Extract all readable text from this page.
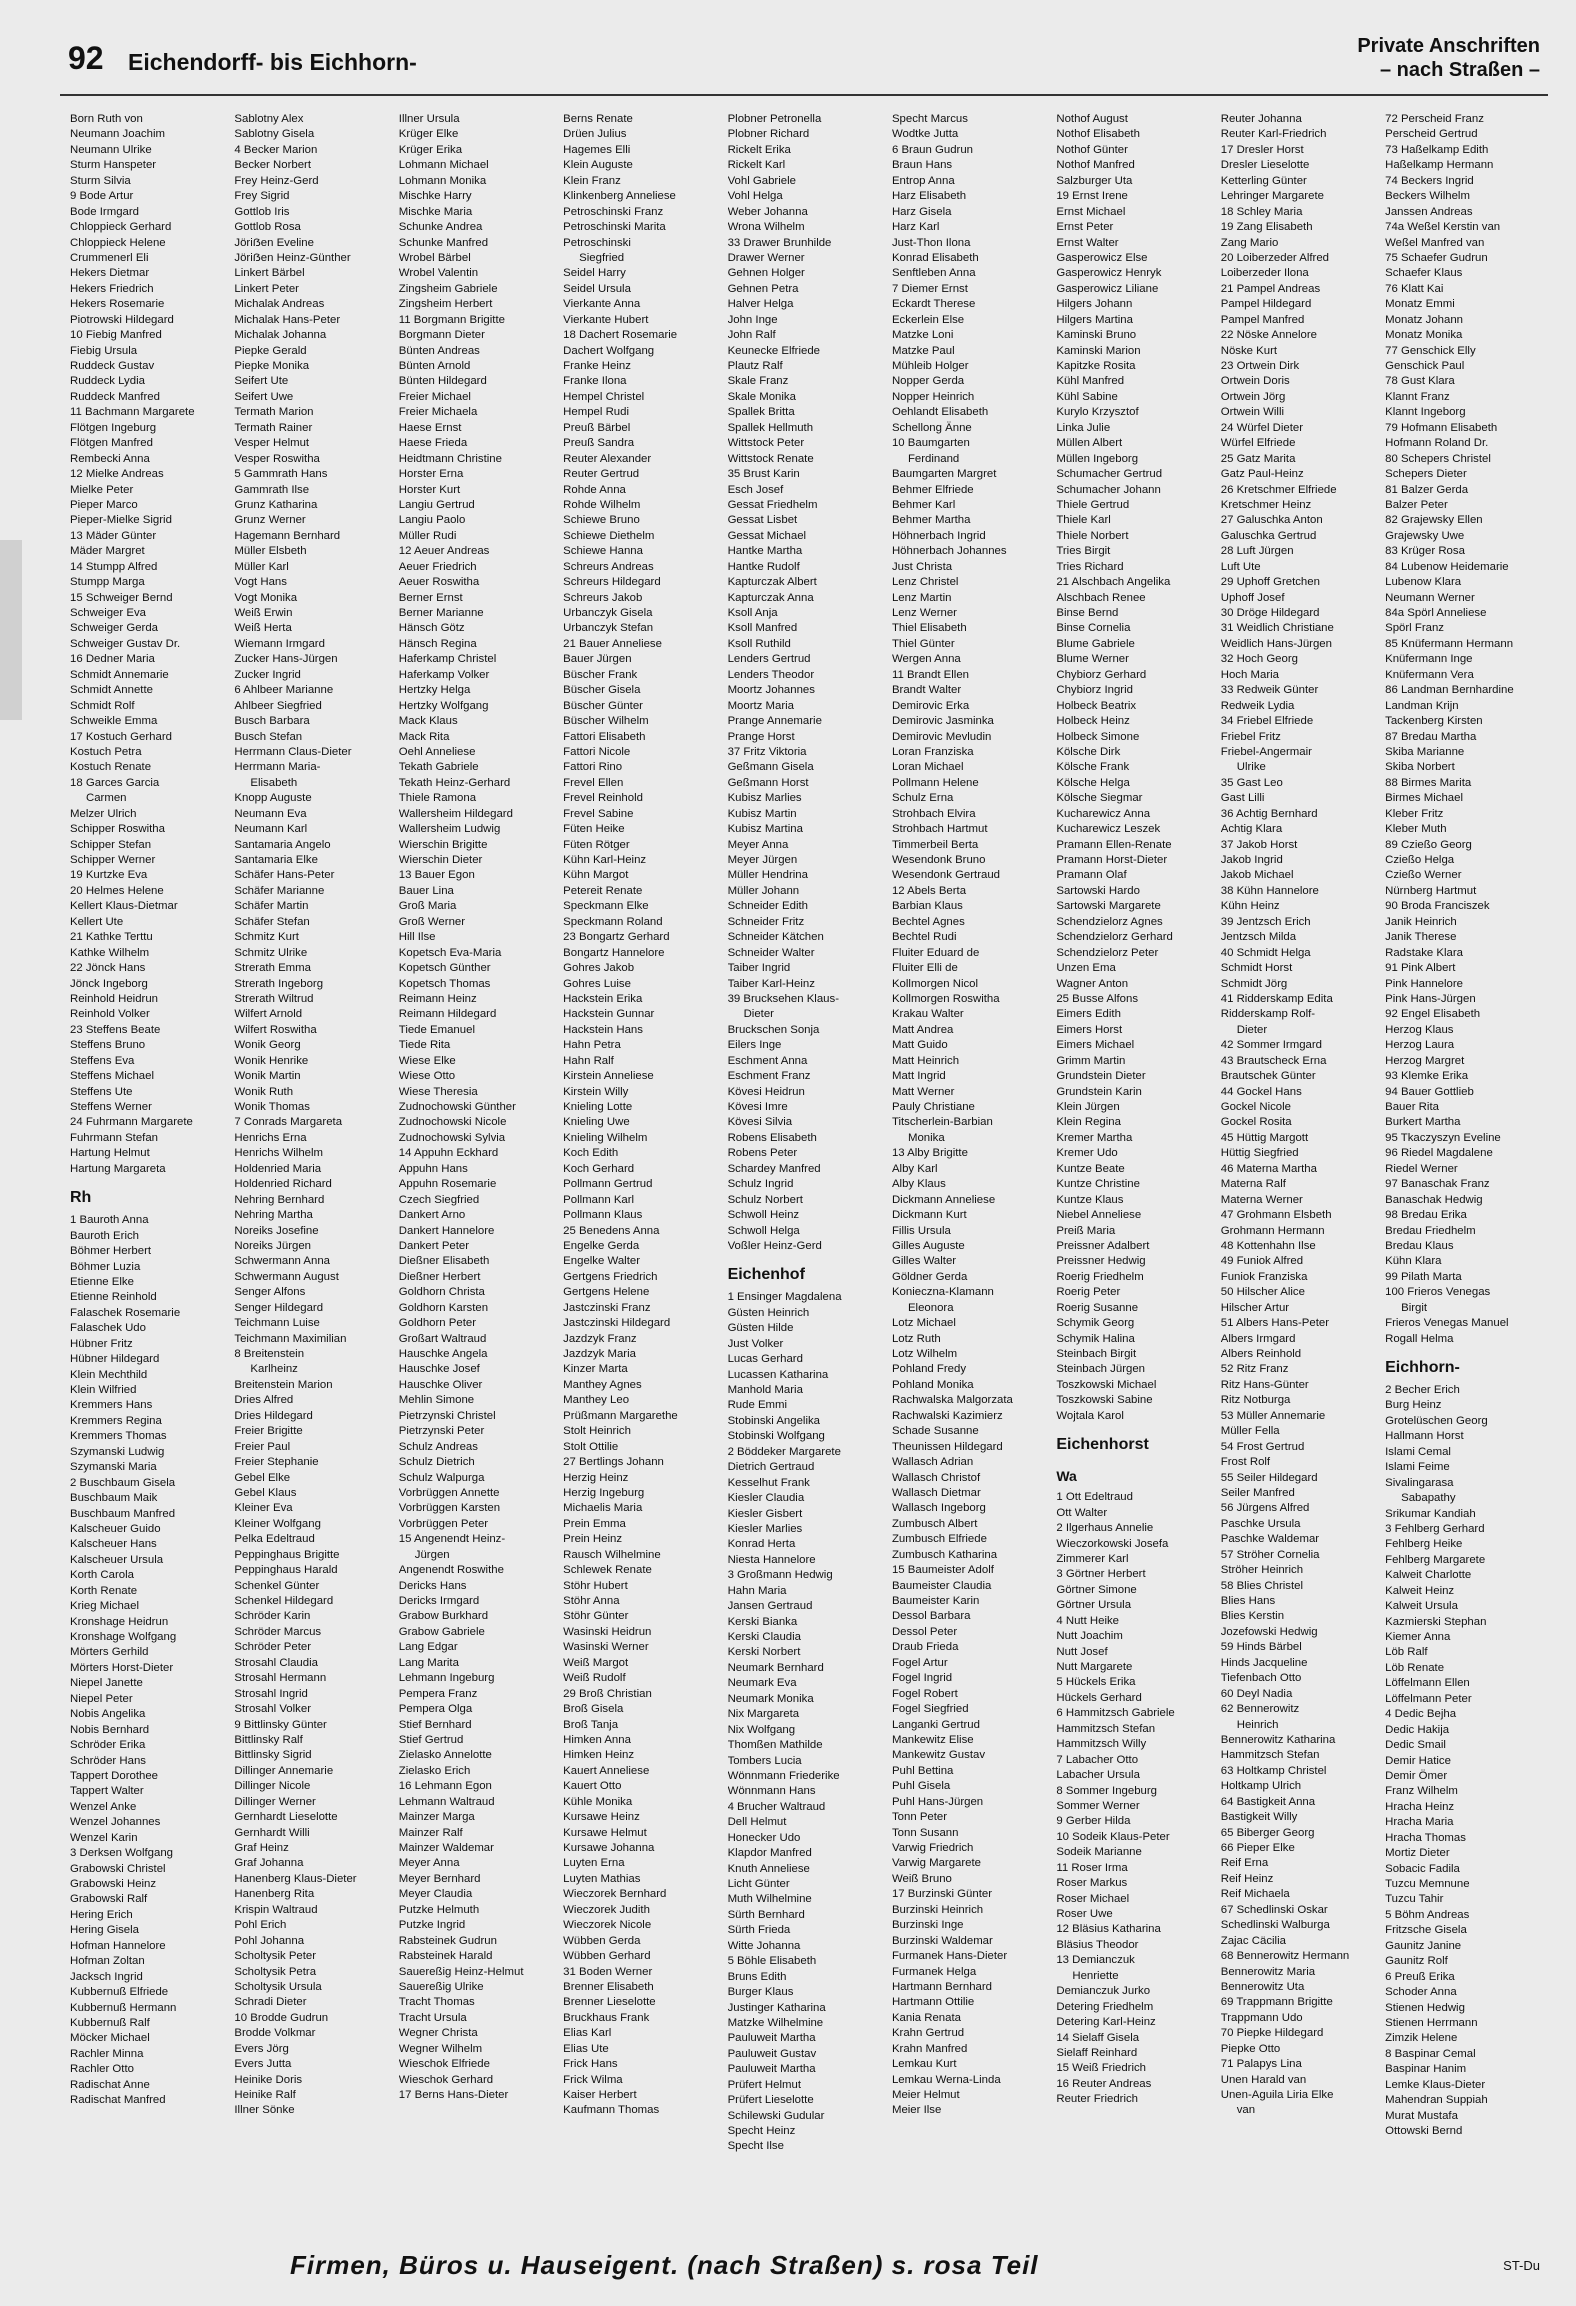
92 Eichendorff- bis Eichhorn-
Private Anschriften
– nach Straßen –
Born Ruth von
Neumann Joachim
Neumann Ulrike
Sturm Hanspeter
Sturm Silvia
9 Bode Artur
Bode Irmgard
Chloppieck Gerhard
Chloppieck Helene
Crummenerl Eli
Hekers Dietmar
Hekers Friedrich
Hekers Rosemarie
Piotrowski Hildegard
10 Fiebig Manfred
Fiebig Ursula
Ruddeck Gustav
Ruddeck Lydia
Ruddeck Manfred
11 Bachmann Margarete
Flötgen Ingeburg
Flötgen Manfred
Rembecki Anna
12 Mielke Andreas
Mielke Peter
Pieper Marco
Pieper-Mielke Sigrid
13 Mäder Günter
Mäder Margret
14 Stumpp Alfred
Stumpp Marga
15 Schweiger Bernd
Schweiger Eva
Schweiger Gerda
Schweiger Gustav Dr.
16 Dedner Maria
Schmidt Annemarie
Schmidt Annette
Schmidt Rolf
Schweikle Emma
17 Kostuch Gerhard
Kostuch Petra
Kostuch Renate
18 Garces Garcia
Carmen
Melzer Ulrich
Schipper Roswitha
Schipper Stefan
Schipper Werner
19 Kurtzke Eva
20 Helmes Helene
Kellert Klaus-Dietmar
Kellert Ute
21 Kathke Terttu
Kathke Wilhelm
22 Jönck Hans
Jönck Ingeborg
Reinhold Heidrun
Reinhold Volker
23 Steffens Beate
Steffens Bruno
Steffens Eva
Steffens Michael
Steffens Ute
Steffens Werner
24 Fuhrmann Margarete
Fuhrmann Stefan
Hartung Helmut
Hartung Margareta
Rh
1 Bauroth Anna
Bauroth Erich
Böhmer Herbert
Böhmer Luzia
Etienne Elke
Etienne Reinhold
Falaschek Rosemarie
Falaschek Udo
Hübner Fritz
Hübner Hildegard
Klein Mechthild
Klein Wilfried
Kremmers Hans
Kremmers Regina
Kremmers Thomas
Szymanski Ludwig
Szymanski Maria
2 Buschbaum Gisela
Buschbaum Maik
Buschbaum Manfred
Kalscheuer Guido
Kalscheuer Hans
Kalscheuer Ursula
Korth Carola
Korth Renate
Krieg Michael
Kronshage Heidrun
Kronshage Wolfgang
Mörters Gerhild
Mörters Horst-Dieter
Niepel Janette
Niepel Peter
Nobis Angelika
Nobis Bernhard
Schröder Erika
Schröder Hans
Tappert Dorothee
Tappert Walter
Wenzel Anke
Wenzel Johannes
Wenzel Karin
3 Derksen Wolfgang
Grabowski Christel
Grabowski Heinz
Grabowski Ralf
Hering Erich
Hering Gisela
Hofman Hannelore
Hofman Zoltan
Jacksch Ingrid
Kubbernuß Elfriede
Kubbernuß Hermann
Kubbernuß Ralf
Möcker Michael
Rachler Minna
Rachler Otto
Radischat Anne
Radischat Manfred
Sablotny Alex
Sablotny Gisela
4 Becker Marion
Becker Norbert
Frey Heinz-Gerd
Frey Sigrid
Gottlob Iris
Gottlob Rosa
Jöriẞen Eveline
Jöriẞen Heinz-Günther
Linkert Bärbel
Linkert Peter
Michalak Andreas
Michalak Hans-Peter
Michalak Johanna
Piepke Gerald
Piepke Monika
Seifert Ute
Seifert Uwe
Termath Marion
Termath Rainer
Vesper Helmut
Vesper Roswitha
5 Gammrath Hans
Gammrath Ilse
Grunz Katharina
Grunz Werner
Hagemann Bernhard
Müller Elsbeth
Müller Karl
Vogt Hans
Vogt Monika
Weiß Erwin
Weiß Herta
Wiemann Irmgard
Zucker Hans-Jürgen
Zucker Ingrid
6 Ahlbeer Marianne
Ahlbeer Siegfried
Busch Barbara
Busch Stefan
Herrmann Claus-Dieter
Herrmann Maria-
Elisabeth
Knopp Auguste
Neumann Eva
Neumann Karl
Santamaria Angelo
Santamaria Elke
Schäfer Hans-Peter
Schäfer Marianne
Schäfer Martin
Schäfer Stefan
Schmitz Kurt
Schmitz Ulrike
Strerath Emma
Strerath Ingeborg
Strerath Wiltrud
Wilfert Arnold
Wilfert Roswitha
Wonik Georg
Wonik Henrike
Wonik Martin
Wonik Ruth
Wonik Thomas
7 Conrads Margareta
Henrichs Erna
Henrichs Wilhelm
Holdenried Maria
Holdenried Richard
Nehring Bernhard
Nehring Martha
Noreiks Josefine
Noreiks Jürgen
Schwermann Anna
Schwermann August
Senger Alfons
Senger Hildegard
Teichmann Luise
Teichmann Maximilian
8 Breitenstein
Karlheinz
Breitenstein Marion
Dries Alfred
Dries Hildegard
Freier Brigitte
Freier Paul
Freier Stephanie
Gebel Elke
Gebel Klaus
Kleiner Eva
Kleiner Wolfgang
Pelka Edeltraud
Peppinghaus Brigitte
Peppinghaus Harald
Schenkel Günter
Schenkel Hildegard
Schröder Karin
Schröder Marcus
Schröder Peter
Strosahl Claudia
Strosahl Hermann
Strosahl Ingrid
Strosahl Volker
9 Bittlinsky Günter
Bittlinsky Ralf
Bittlinsky Sigrid
Dillinger Annemarie
Dillinger Nicole
Dillinger Werner
Gernhardt Lieselotte
Gernhardt Willi
Graf Heinz
Graf Johanna
Hanenberg Klaus-Dieter
Hanenberg Rita
Krispin Waltraud
Pohl Erich
Pohl Johanna
Scholtysik Peter
Scholtysik Petra
Scholtysik Ursula
Schradi Dieter
10 Brodde Gudrun
Brodde Volkmar
Evers Jörg
Evers Jutta
Heinike Doris
Heinike Ralf
Illner Sönke
Illner Ursula
Krüger Elke
Krüger Erika
Lohmann Michael
Lohmann Monika
Mischke Harry
Mischke Maria
Schunke Andrea
Schunke Manfred
Wrobel Bärbel
Wrobel Valentin
Zingsheim Gabriele
Zingsheim Herbert
11 Borgmann Brigitte
Borgmann Dieter
Bünten Andreas
Bünten Arnold
Bünten Hildegard
Freier Michael
Freier Michaela
Haese Ernst
Haese Frieda
Heidtmann Christine
Horster Erna
Horster Kurt
Langiu Gertrud
Langiu Paolo
Müller Rudi
12 Aeuer Andreas
Aeuer Friedrich
Aeuer Roswitha
Berner Ernst
Berner Marianne
Hänsch Götz
Hänsch Regina
Haferkamp Christel
Haferkamp Volker
Hertzky Helga
Hertzky Wolfgang
Mack Klaus
Mack Rita
Oehl Anneliese
Tekath Gabriele
Tekath Heinz-Gerhard
Thiele Ramona
Wallersheim Hildegard
Wallersheim Ludwig
Wierschin Brigitte
Wierschin Dieter
13 Bauer Egon
Bauer Lina
Groß Maria
Groß Werner
Hill Ilse
Kopetsch Eva-Maria
Kopetsch Günther
Kopetsch Thomas
Reimann Heinz
Reimann Hildegard
Tiede Emanuel
Tiede Rita
Wiese Elke
Wiese Otto
Wiese Theresia
Zudnochowski Günther
Zudnochowski Nicole
Zudnochowski Sylvia
14 Appuhn Eckhard
Appuhn Hans
Appuhn Rosemarie
Czech Siegfried
Dankert Arno
Dankert Hannelore
Dankert Peter
Dießner Elisabeth
Dießner Herbert
Goldhorn Christa
Goldhorn Karsten
Goldhorn Peter
Großart Waltraud
Hauschke Angela
Hauschke Josef
Hauschke Oliver
Mehlin Simone
Pietrzynski Christel
Pietrzynski Peter
Schulz Andreas
Schulz Dietrich
Schulz Walpurga
Vorbrüggen Annette
Vorbrüggen Karsten
Vorbrüggen Peter
15 Angenendt Heinz-
Jürgen
Angenendt Roswithe
Dericks Hans
Dericks Irmgard
Grabow Burkhard
Grabow Gabriele
Lang Edgar
Lang Marita
Lehmann Ingeburg
Pempera Franz
Pempera Olga
Stief Bernhard
Stief Gertrud
Zielasko Annelotte
Zielasko Erich
16 Lehmann Egon
Lehmann Waltraud
Mainzer Marga
Mainzer Ralf
Mainzer Waldemar
Meyer Anna
Meyer Bernhard
Meyer Claudia
Putzke Helmuth
Putzke Ingrid
Rabsteinek Gudrun
Rabsteinek Harald
Sauereßig Heinz-Helmut
Sauereßig Ulrike
Tracht Thomas
Tracht Ursula
Wegner Christa
Wegner Wilhelm
Wieschok Elfriede
Wieschok Gerhard
17 Berns Hans-Dieter
Berns Renate
Drüen Julius
Hagemes Elli
Klein Auguste
Klein Franz
Klinkenberg Anneliese
Petroschinski Franz
Petroschinski Marita
Petroschinski
Siegfried
Seidel Harry
Seidel Ursula
Vierkante Anna
Vierkante Hubert
18 Dachert Rosemarie
Dachert Wolfgang
Franke Heinz
Franke Ilona
Hempel Christel
Hempel Rudi
Preuß Bärbel
Preuß Sandra
Reuter Alexander
Reuter Gertrud
Rohde Anna
Rohde Wilhelm
Schiewe Bruno
Schiewe Diethelm
Schiewe Hanna
Schreurs Andreas
Schreurs Hildegard
Schreurs Jakob
Urbanczyk Gisela
Urbanczyk Stefan
21 Bauer Anneliese
Bauer Jürgen
Büscher Frank
Büscher Gisela
Büscher Günter
Büscher Wilhelm
Fattori Elisabeth
Fattori Nicole
Fattori Rino
Frevel Ellen
Frevel Reinhold
Frevel Sabine
Füten Heike
Füten Rötger
Kühn Karl-Heinz
Kühn Margot
Petereit Renate
Speckmann Elke
Speckmann Roland
23 Bongartz Gerhard
Bongartz Hannelore
Gohres Jakob
Gohres Luise
Hackstein Erika
Hackstein Gunnar
Hackstein Hans
Hahn Petra
Hahn Ralf
Kirstein Anneliese
Kirstein Willy
Knieling Lotte
Knieling Uwe
Knieling Wilhelm
Koch Edith
Koch Gerhard
Pollmann Gertrud
Pollmann Karl
Pollmann Klaus
25 Benedens Anna
Engelke Gerda
Engelke Walter
Gertgens Friedrich
Gertgens Helene
Jastczinski Franz
Jastczinski Hildegard
Jazdzyk Franz
Jazdzyk Maria
Kinzer Marta
Manthey Agnes
Manthey Leo
Prüßmann Margarethe
Stolt Heinrich
Stolt Ottilie
27 Bertlings Johann
Herzig Heinz
Herzig Ingeburg
Michaelis Maria
Prein Emma
Prein Heinz
Rausch Wilhelmine
Schlewek Renate
Stöhr Hubert
Stöhr Anna
Stöhr Günter
Wasinski Heidrun
Wasinski Werner
Weiß Margot
Weiß Rudolf
29 Broß Christian
Broß Gisela
Broß Tanja
Himken Anna
Himken Heinz
Kauert Anneliese
Kauert Otto
Kühle Monika
Kursawe Heinz
Kursawe Helmut
Kursawe Johanna
Luyten Erna
Luyten Mathias
Wieczorek Bernhard
Wieczorek Judith
Wieczorek Nicole
Wübben Gerda
Wübben Gerhard
31 Boden Werner
Brenner Elisabeth
Brenner Lieselotte
Bruckhaus Frank
Elias Karl
Elias Ute
Frick Hans
Frick Wilma
Kaiser Herbert
Kaufmann Thomas
Plobner Petronella
Plobner Richard
Rickelt Erika
Rickelt Karl
Vohl Gabriele
Vohl Helga
Weber Johanna
Wrona Wilhelm
33 Drawer Brunhilde
Drawer Werner
Gehnen Holger
Gehnen Petra
Halver Helga
John Inge
John Ralf
Keunecke Elfriede
Plautz Ralf
Skale Franz
Skale Monika
Spallek Britta
Spallek Hellmuth
Wittstock Peter
Wittstock Renate
35 Brust Karin
Esch Josef
Gessat Friedhelm
Gessat Lisbet
Gessat Michael
Hantke Martha
Hantke Rudolf
Kapturczak Albert
Kapturczak Anna
Ksoll Anja
Ksoll Manfred
Ksoll Ruthild
Lenders Gertrud
Lenders Theodor
Moortz Johannes
Moortz Maria
Prange Annemarie
Prange Horst
37 Fritz Viktoria
Geßmann Gisela
Geßmann Horst
Kubisz Marlies
Kubisz Martin
Kubisz Martina
Meyer Anna
Meyer Jürgen
Müller Hendrina
Müller Johann
Schneider Edith
Schneider Fritz
Schneider Kätchen
Schneider Walter
Taiber Ingrid
Taiber Karl-Heinz
39 Brucksehen Klaus-
Dieter
Bruckschen Sonja
Eilers Inge
Eschment Anna
Eschment Franz
Kövesi Heidrun
Kövesi Imre
Kövesi Silvia
Robens Elisabeth
Robens Peter
Schardey Manfred
Schulz Ingrid
Schulz Norbert
Schwoll Heinz
Schwoll Helga
Voßler Heinz-Gerd
Eichenhof
1 Ensinger Magdalena
Güsten Heinrich
Güsten Hilde
Just Volker
Lucas Gerhard
Lucassen Katharina
Manhold Maria
Rude Emmi
Stobinski Angelika
Stobinski Wolfgang
2 Böddeker Margarete
Dietrich Gertraud
Kesselhut Frank
Kiesler Claudia
Kiesler Gisbert
Kiesler Marlies
Konrad Herta
Niesta Hannelore
3 Großmann Hedwig
Hahn Maria
Jansen Gertraud
Kerski Bianka
Kerski Claudia
Kerski Norbert
Neumark Bernhard
Neumark Eva
Neumark Monika
Nix Margareta
Nix Wolfgang
Thomßen Mathilde
Tombers Lucia
Wönnmann Friederike
Wönnmann Hans
4 Brucher Waltraud
Dell Helmut
Honecker Udo
Klapdor Manfred
Knuth Anneliese
Licht Günter
Muth Wilhelmine
Sürth Bernhard
Sürth Frieda
Witte Johanna
5 Böhle Elisabeth
Bruns Edith
Burger Klaus
Justinger Katharina
Matzke Wilhelmine
Pauluweit Martha
Pauluweit Gustav
Pauluweit Martha
Prüfert Helmut
Prüfert Lieselotte
Schilewski Gudular
Specht Heinz
Specht Ilse
Specht Marcus
Wodtke Jutta
6 Braun Gudrun
Braun Hans
Entrop Anna
Harz Elisabeth
Harz Gisela
Harz Karl
Just-Thon Ilona
Konrad Elisabeth
Senftleben Anna
7 Diemer Ernst
Eckardt Therese
Eckerlein Else
Matzke Loni
Matzke Paul
Mühleib Holger
Nopper Gerda
Nopper Heinrich
Oehlandt Elisabeth
Schellong Änne
10 Baumgarten
Ferdinand
Baumgarten Margret
Behmer Elfriede
Behmer Karl
Behmer Martha
Höhnerbach Ingrid
Höhnerbach Johannes
Just Christa
Lenz Christel
Lenz Martin
Lenz Werner
Thiel Elisabeth
Thiel Günter
Wergen Anna
11 Brandt Ellen
Brandt Walter
Demirovic Erka
Demirovic Jasminka
Demirovic Mevludin
Loran Franziska
Loran Michael
Pollmann Helene
Schulz Erna
Strohbach Elvira
Strohbach Hartmut
Timmerbeil Berta
Wesendonk Bruno
Wesendonk Gertraud
12 Abels Berta
Barbian Klaus
Bechtel Agnes
Bechtel Rudi
Fluiter Eduard de
Fluiter Elli de
Kollmorgen Nicol
Kollmorgen Roswitha
Krakau Walter
Matt Andrea
Matt Guido
Matt Heinrich
Matt Ingrid
Matt Werner
Pauly Christiane
Titscherlein-Barbian
Monika
13 Alby Brigitte
Alby Karl
Alby Klaus
Dickmann Anneliese
Dickmann Kurt
Fillis Ursula
Gilles Auguste
Gilles Walter
Göldner Gerda
Konieczna-Klamann
Eleonora
Lotz Michael
Lotz Ruth
Lotz Wilhelm
Pohland Fredy
Pohland Monika
Rachwalska Malgorzata
Rachwalski Kazimierz
Schade Susanne
Theunissen Hildegard
Wallasch Adrian
Wallasch Christof
Wallasch Dietmar
Wallasch Ingeborg
Zumbusch Albert
Zumbusch Elfriede
Zumbusch Katharina
15 Baumeister Adolf
Baumeister Claudia
Baumeister Karin
Dessol Barbara
Dessol Peter
Draub Frieda
Fogel Artur
Fogel Ingrid
Fogel Robert
Fogel Siegfried
Langanki Gertrud
Mankewitz Elise
Mankewitz Gustav
Puhl Bettina
Puhl Gisela
Puhl Hans-Jürgen
Tonn Peter
Tonn Susann
Varwig Friedrich
Varwig Margarete
Weiß Bruno
17 Burzinski Günter
Burzinski Heinrich
Burzinski Inge
Burzinski Waldemar
Furmanek Hans-Dieter
Furmanek Helga
Hartmann Bernhard
Hartmann Ottilie
Kania Renata
Krahn Gertrud
Krahn Manfred
Lemkau Kurt
Lemkau Werna-Linda
Meier Helmut
Meier Ilse
Nothof August
Nothof Elisabeth
Nothof Günter
Nothof Manfred
Salzburger Uta
19 Ernst Irene
Ernst Michael
Ernst Peter
Ernst Walter
Gasperowicz Else
Gasperowicz Henryk
Gasperowicz Liliane
Hilgers Johann
Hilgers Martina
Kaminski Bruno
Kaminski Marion
Kapitzke Rosita
Kühl Manfred
Kühl Sabine
Kurylo Krzysztof
Linka Julie
Müllen Albert
Müllen Ingeborg
Schumacher Gertrud
Schumacher Johann
Thiele Gertrud
Thiele Karl
Thiele Norbert
Tries Birgit
Tries Richard
21 Alschbach Angelika
Alschbach Renee
Binse Bernd
Binse Cornelia
Blume Gabriele
Blume Werner
Chybiorz Gerhard
Chybiorz Ingrid
Holbeck Beatrix
Holbeck Heinz
Holbeck Simone
Kölsche Dirk
Kölsche Frank
Kölsche Helga
Kölsche Siegmar
Kucharewicz Anna
Kucharewicz Leszek
Pramann Ellen-Renate
Pramann Horst-Dieter
Pramann Olaf
Sartowski Hardo
Sartowski Margarete
Schendzielorz Agnes
Schendzielorz Gerhard
Schendzielorz Peter
Unzen Ema
Wagner Anton
25 Busse Alfons
Eimers Edith
Eimers Horst
Eimers Michael
Grimm Martin
Grundstein Dieter
Grundstein Karin
Klein Jürgen
Klein Regina
Kremer Martha
Kremer Udo
Kuntze Beate
Kuntze Christine
Kuntze Klaus
Niebel Anneliese
Preiß Maria
Preissner Adalbert
Preissner Hedwig
Roerig Friedhelm
Roerig Peter
Roerig Susanne
Schymik Georg
Schymik Halina
Steinbach Birgit
Steinbach Jürgen
Toszkowski Michael
Toszkowski Sabine
Wojtala Karol
Eichenhorst
Wa
1 Ott Edeltraud
Ott Walter
2 Ilgerhaus Annelie
Wieczorkowski Josefa
Zimmerer Karl
3 Görtner Herbert
Görtner Simone
Görtner Ursula
4 Nutt Heike
Nutt Joachim
Nutt Josef
Nutt Margarete
5 Hückels Erika
Hückels Gerhard
6 Hammitzsch Gabriele
Hammitzsch Stefan
Hammitzsch Willy
7 Labacher Otto
Labacher Ursula
8 Sommer Ingeburg
Sommer Werner
9 Gerber Hilda
10 Sodeik Klaus-Peter
Sodeik Marianne
11 Roser Irma
Roser Markus
Roser Michael
Roser Uwe
12 Bläsius Katharina
Bläsius Theodor
13 Demianczuk
Henriette
Demianczuk Jurko
Detering Friedhelm
Detering Karl-Heinz
14 Sielaff Gisela
Sielaff Reinhard
15 Weiß Friedrich
16 Reuter Andreas
Reuter Friedrich
Reuter Johanna
Reuter Karl-Friedrich
17 Dresler Horst
Dresler Lieselotte
Ketterling Günter
Lehringer Margarete
18 Schley Maria
19 Zang Elisabeth
Zang Mario
20 Loiberzeder Alfred
Loiberzeder Ilona
21 Pampel Andreas
Pampel Hildegard
Pampel Manfred
22 Nöske Annelore
Nöske Kurt
23 Ortwein Dirk
Ortwein Doris
Ortwein Jörg
Ortwein Willi
24 Würfel Dieter
Würfel Elfriede
25 Gatz Marita
Gatz Paul-Heinz
26 Kretschmer Elfriede
Kretschmer Heinz
27 Galuschka Anton
Galuschka Gertrud
28 Luft Jürgen
Luft Ute
29 Uphoff Gretchen
Uphoff Josef
30 Dröge Hildegard
31 Weidlich Christiane
Weidlich Hans-Jürgen
32 Hoch Georg
Hoch Maria
33 Redweik Günter
Redweik Lydia
34 Friebel Elfriede
Friebel Fritz
Friebel-Angermair
Ulrike
35 Gast Leo
Gast Lilli
36 Achtig Bernhard
Achtig Klara
37 Jakob Horst
Jakob Ingrid
Jakob Michael
38 Kühn Hannelore
Kühn Heinz
39 Jentzsch Erich
Jentzsch Milda
40 Schmidt Helga
Schmidt Horst
Schmidt Jörg
41 Ridderskamp Edita
Ridderskamp Rolf-
Dieter
42 Sommer Irmgard
43 Brautscheck Erna
Brautschek Günter
44 Gockel Hans
Gockel Nicole
Gockel Rosita
45 Hüttig Margott
Hüttig Siegfried
46 Materna Martha
Materna Ralf
Materna Werner
47 Grohmann Elsbeth
Grohmann Hermann
48 Kottenhahn Ilse
49 Funiok Alfred
Funiok Franziska
50 Hilscher Alice
Hilscher Artur
51 Albers Hans-Peter
Albers Irmgard
Albers Reinhold
52 Ritz Franz
Ritz Hans-Günter
Ritz Notburga
53 Müller Annemarie
Müller Fella
54 Frost Gertrud
Frost Rolf
55 Seiler Hildegard
Seiler Manfred
56 Jürgens Alfred
Paschke Ursula
Paschke Waldemar
57 Ströher Cornelia
Ströher Heinrich
58 Blies Christel
Blies Hans
Blies Kerstin
Jozefowski Hedwig
59 Hinds Bärbel
Hinds Jacqueline
Tiefenbach Otto
60 Deyl Nadia
62 Bennerowitz
Heinrich
Bennerowitz Katharina
Hammitzsch Stefan
63 Holtkamp Christel
Holtkamp Ulrich
64 Bastigkeit Anna
Bastigkeit Willy
65 Biberger Georg
66 Pieper Elke
Reif Erna
Reif Heinz
Reif Michaela
67 Schedlinski Oskar
Schedlinski Walburga
Zajac Cäcilia
68 Bennerowitz Hermann
Bennerowitz Maria
Bennerowitz Uta
69 Trappmann Brigitte
Trappmann Udo
70 Piepke Hildegard
Piepke Otto
71 Palapys Lina
Unen Harald van
Unen-Aguila Liria Elke
van
72 Perscheid Franz
Perscheid Gertrud
73 Haßelkamp Edith
Haßelkamp Hermann
74 Beckers Ingrid
Beckers Wilhelm
Janssen Andreas
74a Weßel Kerstin van
Weßel Manfred van
75 Schaefer Gudrun
Schaefer Klaus
76 Klatt Kai
Monatz Emmi
Monatz Johann
Monatz Monika
77 Genschick Elly
Genschick Paul
78 Gust Klara
Klannt Franz
Klannt Ingeborg
79 Hofmann Elisabeth
Hofmann Roland Dr.
80 Schepers Christel
Schepers Dieter
81 Balzer Gerda
Balzer Peter
82 Grajewsky Ellen
Grajewsky Uwe
83 Krüger Rosa
84 Lubenow Heidemarie
Lubenow Klara
Neumann Werner
84a Spörl Anneliese
Spörl Franz
85 Knüfermann Hermann
Knüfermann Inge
Knüfermann Vera
86 Landman Bernhardine
Landman Krijn
Tackenberg Kirsten
87 Bredau Martha
Skiba Marianne
Skiba Norbert
88 Birmes Marita
Birmes Michael
Kleber Fritz
Kleber Muth
89 Czießo Georg
Czießo Helga
Czießo Werner
Nürnberg Hartmut
90 Broda Franciszek
Janik Heinrich
Janik Therese
Radstake Klara
91 Pink Albert
Pink Hannelore
Pink Hans-Jürgen
92 Engel Elisabeth
Herzog Klaus
Herzog Laura
Herzog Margret
93 Klemke Erika
94 Bauer Gottlieb
Bauer Rita
Burkert Martha
95 Tkaczyszyn Eveline
96 Riedel Magdalene
Riedel Werner
97 Banaschak Franz
Banaschak Hedwig
98 Bredau Erika
Bredau Friedhelm
Bredau Klaus
Kühn Klara
99 Pilath Marta
100 Frieros Venegas
Birgit
Frieros Venegas Manuel
Rogall Helma
Eichhorn-
2 Becher Erich
Burg Heinz
Grotelüschen Georg
Hallmann Horst
Islami Cemal
Islami Feime
Sivalingarasa
Sabapathy
Srikumar Kandiah
3 Fehlberg Gerhard
Fehlberg Heike
Fehlberg Margarete
Kalweit Charlotte
Kalweit Heinz
Kalweit Ursula
Kazmierski Stephan
Kiemer Anna
Löb Ralf
Löb Renate
Löffelmann Ellen
Löffelmann Peter
4 Dedic Bejha
Dedic Hakija
Dedic Smail
Demir Hatice
Demir Ömer
Franz Wilhelm
Hracha Heinz
Hracha Maria
Hracha Thomas
Mortiz Dieter
Sobacic Fadila
Tuzcu Memnune
Tuzcu Tahir
5 Böhm Andreas
Fritzsche Gisela
Gaunitz Janine
Gaunitz Rolf
6 Preuß Erika
Schoder Anna
Stienen Hedwig
Stienen Herrmann
Zimzik Helene
8 Baspinar Cemal
Baspinar Hanim
Lemke Klaus-Dieter
Mahendran Suppiah
Murat Mustafa
Ottowski Bernd
Firmen, Büros u. Hauseigent. (nach Straßen) s. rosa Teil	ST-Du
